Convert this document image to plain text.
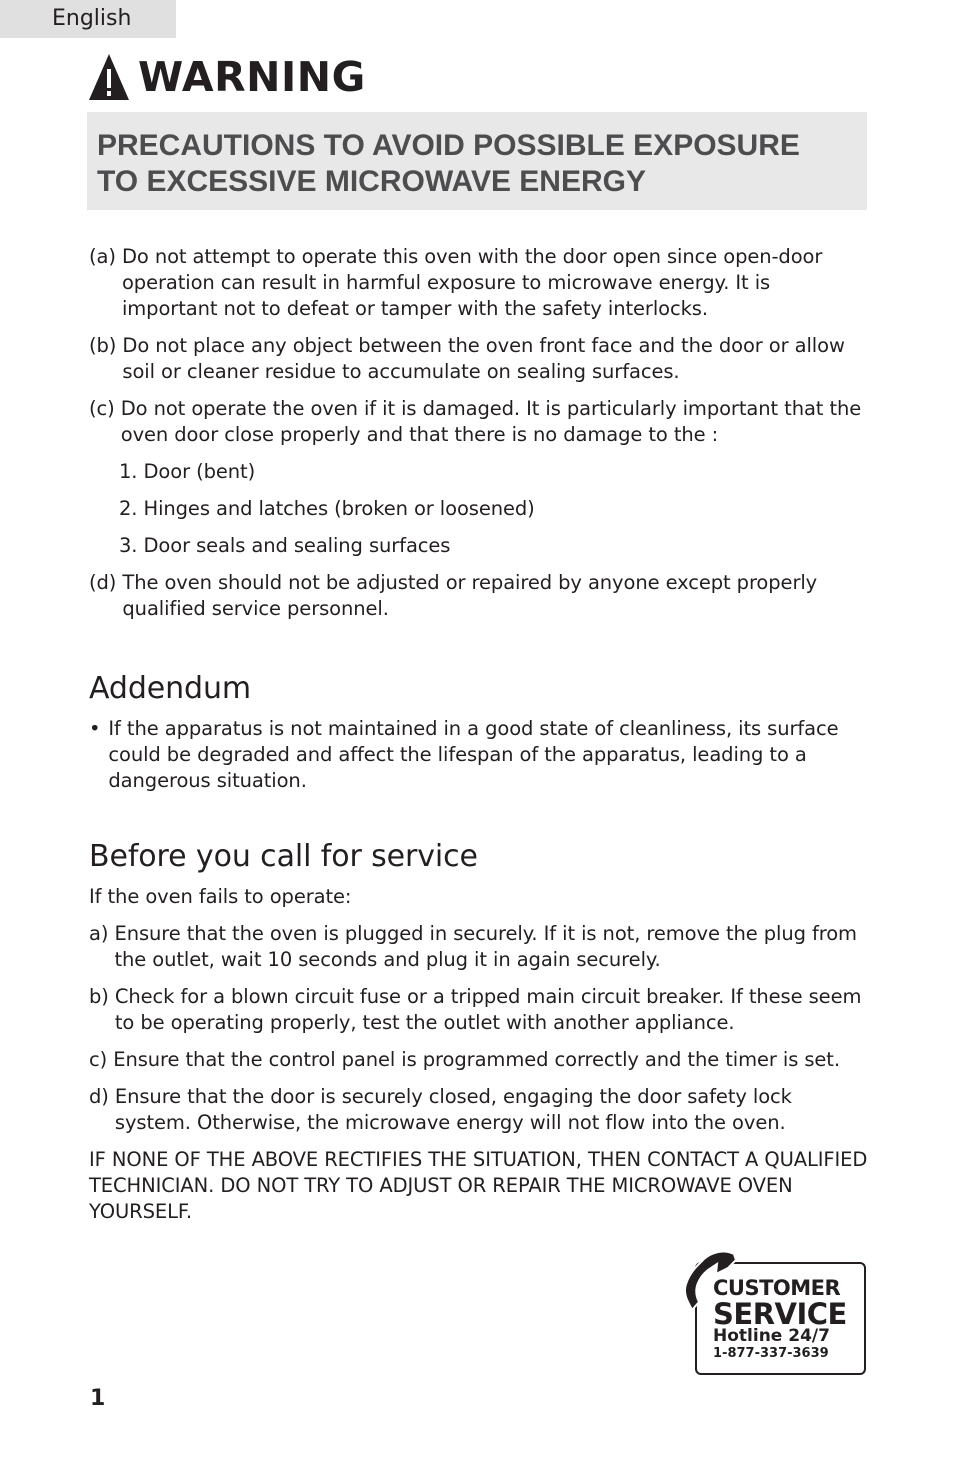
English
WARNING

PRECAUTIONS TO AVOID POSSIBLE EXPOSURE
TO EXCESSIVE MICROWAVE ENERGY

(a) Do not attempt to operate this oven with the door open since open-door operation can result in harmful exposure to microwave energy. It is important not to defeat or tamper with the safety interlocks.
(b) Do not place any object between the oven front face and the door or allow soil or cleaner residue to accumulate on sealing surfaces.
(c) Do not operate the oven if it is damaged. It is particularly important that the oven door close properly and that there is no damage to the :
1. Door (bent)
2. Hinges and latches (broken or loosened)
3. Door seals and sealing surfaces
(d) The oven should not be adjusted or repaired by anyone except properly qualified service personnel.
Addendum
• If the apparatus is not maintained in a good state of cleanliness, its surface could be degraded and affect the lifespan of the apparatus, leading to a dangerous situation.
Before you call for service
If the oven fails to operate:
a) Ensure that the oven is plugged in securely. If it is not, remove the plug from the outlet, wait 10 seconds and plug it in again securely.
b) Check for a blown circuit fuse or a tripped main circuit breaker. If these seem to be operating properly, test the outlet with another appliance.
c) Ensure that the control panel is programmed correctly and the timer is set.
d) Ensure that the door is securely closed, engaging the door safety lock system. Otherwise, the microwave energy will not flow into the oven.
IF NONE OF THE ABOVE RECTIFIES THE SITUATION, THEN CONTACT A QUALIFIED TECHNICIAN. DO NOT TRY TO ADJUST OR REPAIR THE MICROWAVE OVEN YOURSELF.
CUSTOMER
SERVICE
Hotline 24/7
1-877-337-3639
1
